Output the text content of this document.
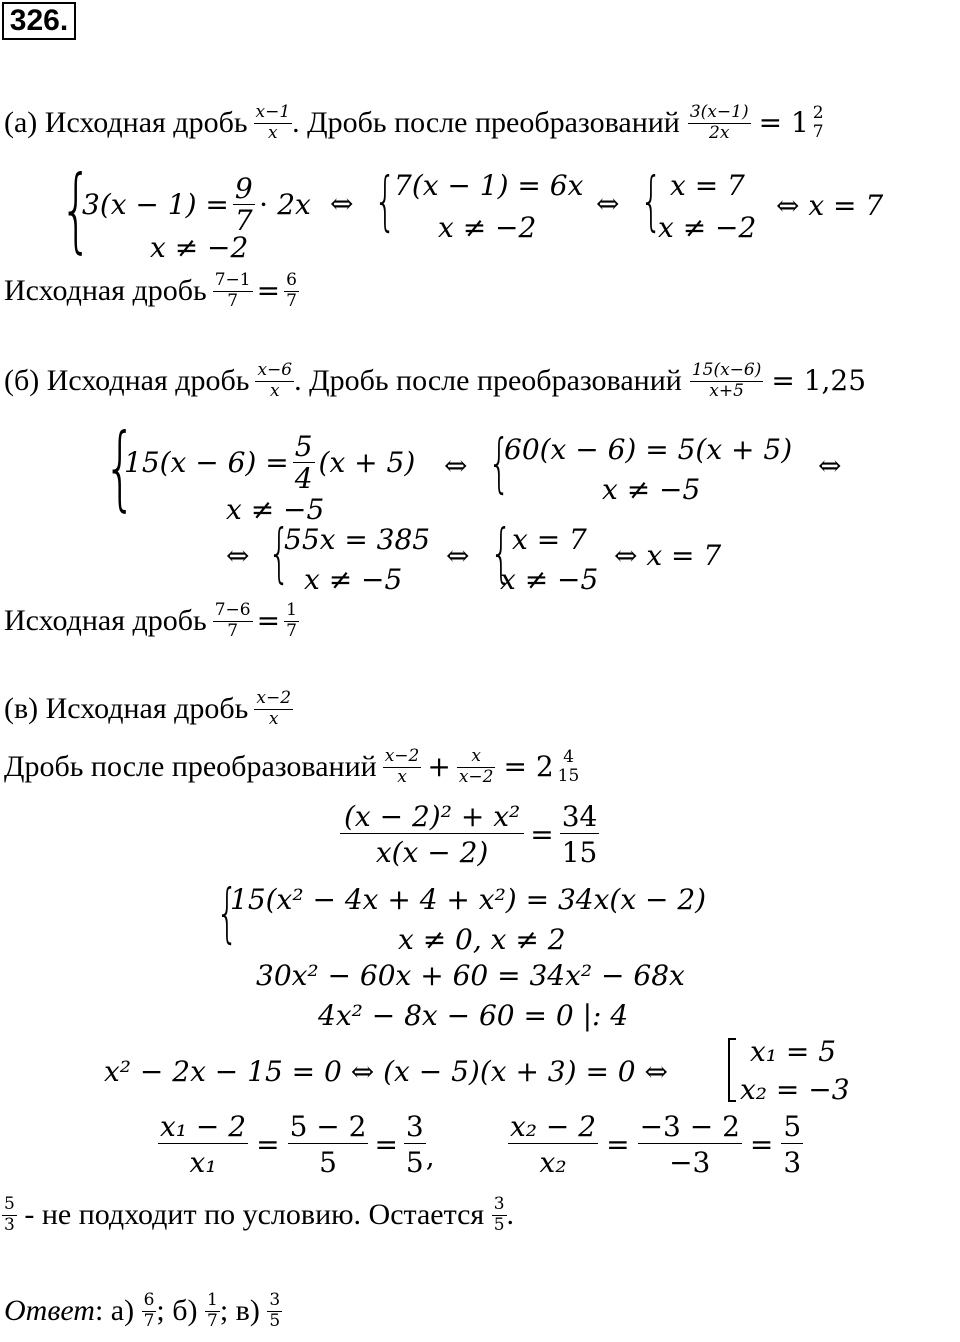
326.
(а) Исходная дробь $\frac{x-1}{x}$ . Дробь после преобразований $\frac{3(x-1)}{2x} = 1$ 2
7
{
$3(x - 1) = \frac{9}{7} \cdot 2x$
x ≠ −2
⇔ {
7(x − 1) = 6x
x ≠ −2
⇔ { x = 7
x ≠ −2
⇔ x = 7
Исходная дробь $\frac{7-1}{7} = \frac{6}{7}$
(б) Исходная дробь $\frac{x-6}{x}$ . Дробь после преобразований $\frac{15(x-6)}{x+5} = 1,25$
{
$15(x - 6) = \frac{5}{4} (x + 5)$
x ≠ −5
⇔ {
60(x − 6) = 5(x + 5)
x ≠ −5
⇔
⇔ {
55x = 385
x ≠ −5
⇔ { x = 7
x ≠ −5
⇔ x = 7
Исходная дробь $\frac{7-6}{7} = \frac{1}{7}$
(в) Исходная дробь $\frac{x-2}{x}$
Дробь после преобразований $\frac{x-2}{x} + \frac{x}{x-2} = 2$ 4
15
$\frac{\text{(x − 2)² + x²}}{x(x - 2)} = \frac{34}{15}$
{
15(x² − 4x + 4 + x²) = 34x(x − 2)
x ≠ 0, x ≠ 2
30x² − 60x + 60 = 34x² − 68x
4x² − 8x − 60 = 0 |: 4
x² − 2x − 15 = 0 ⇔ (x − 5)(x + 3) = 0 ⇔
x₁ = 5
x₂ = −3
$\frac{\text{x₁ − 2}}{\text{x₁}} = \frac{5 - 2}{5} = \frac{3}{5}$ ,	$\frac{\text{x₂ − 2}}{\text{x₂}} = \frac{-3 - 2}{-3} = \frac{5}{3}$
$\frac{5}{3}$ - не подходит по условию. Остается $\frac{3}{5}$ .
Ответ : $а) \frac{6}{7}$ ; $б) \frac{1}{7}$ ; $в) \frac{3}{5}$
